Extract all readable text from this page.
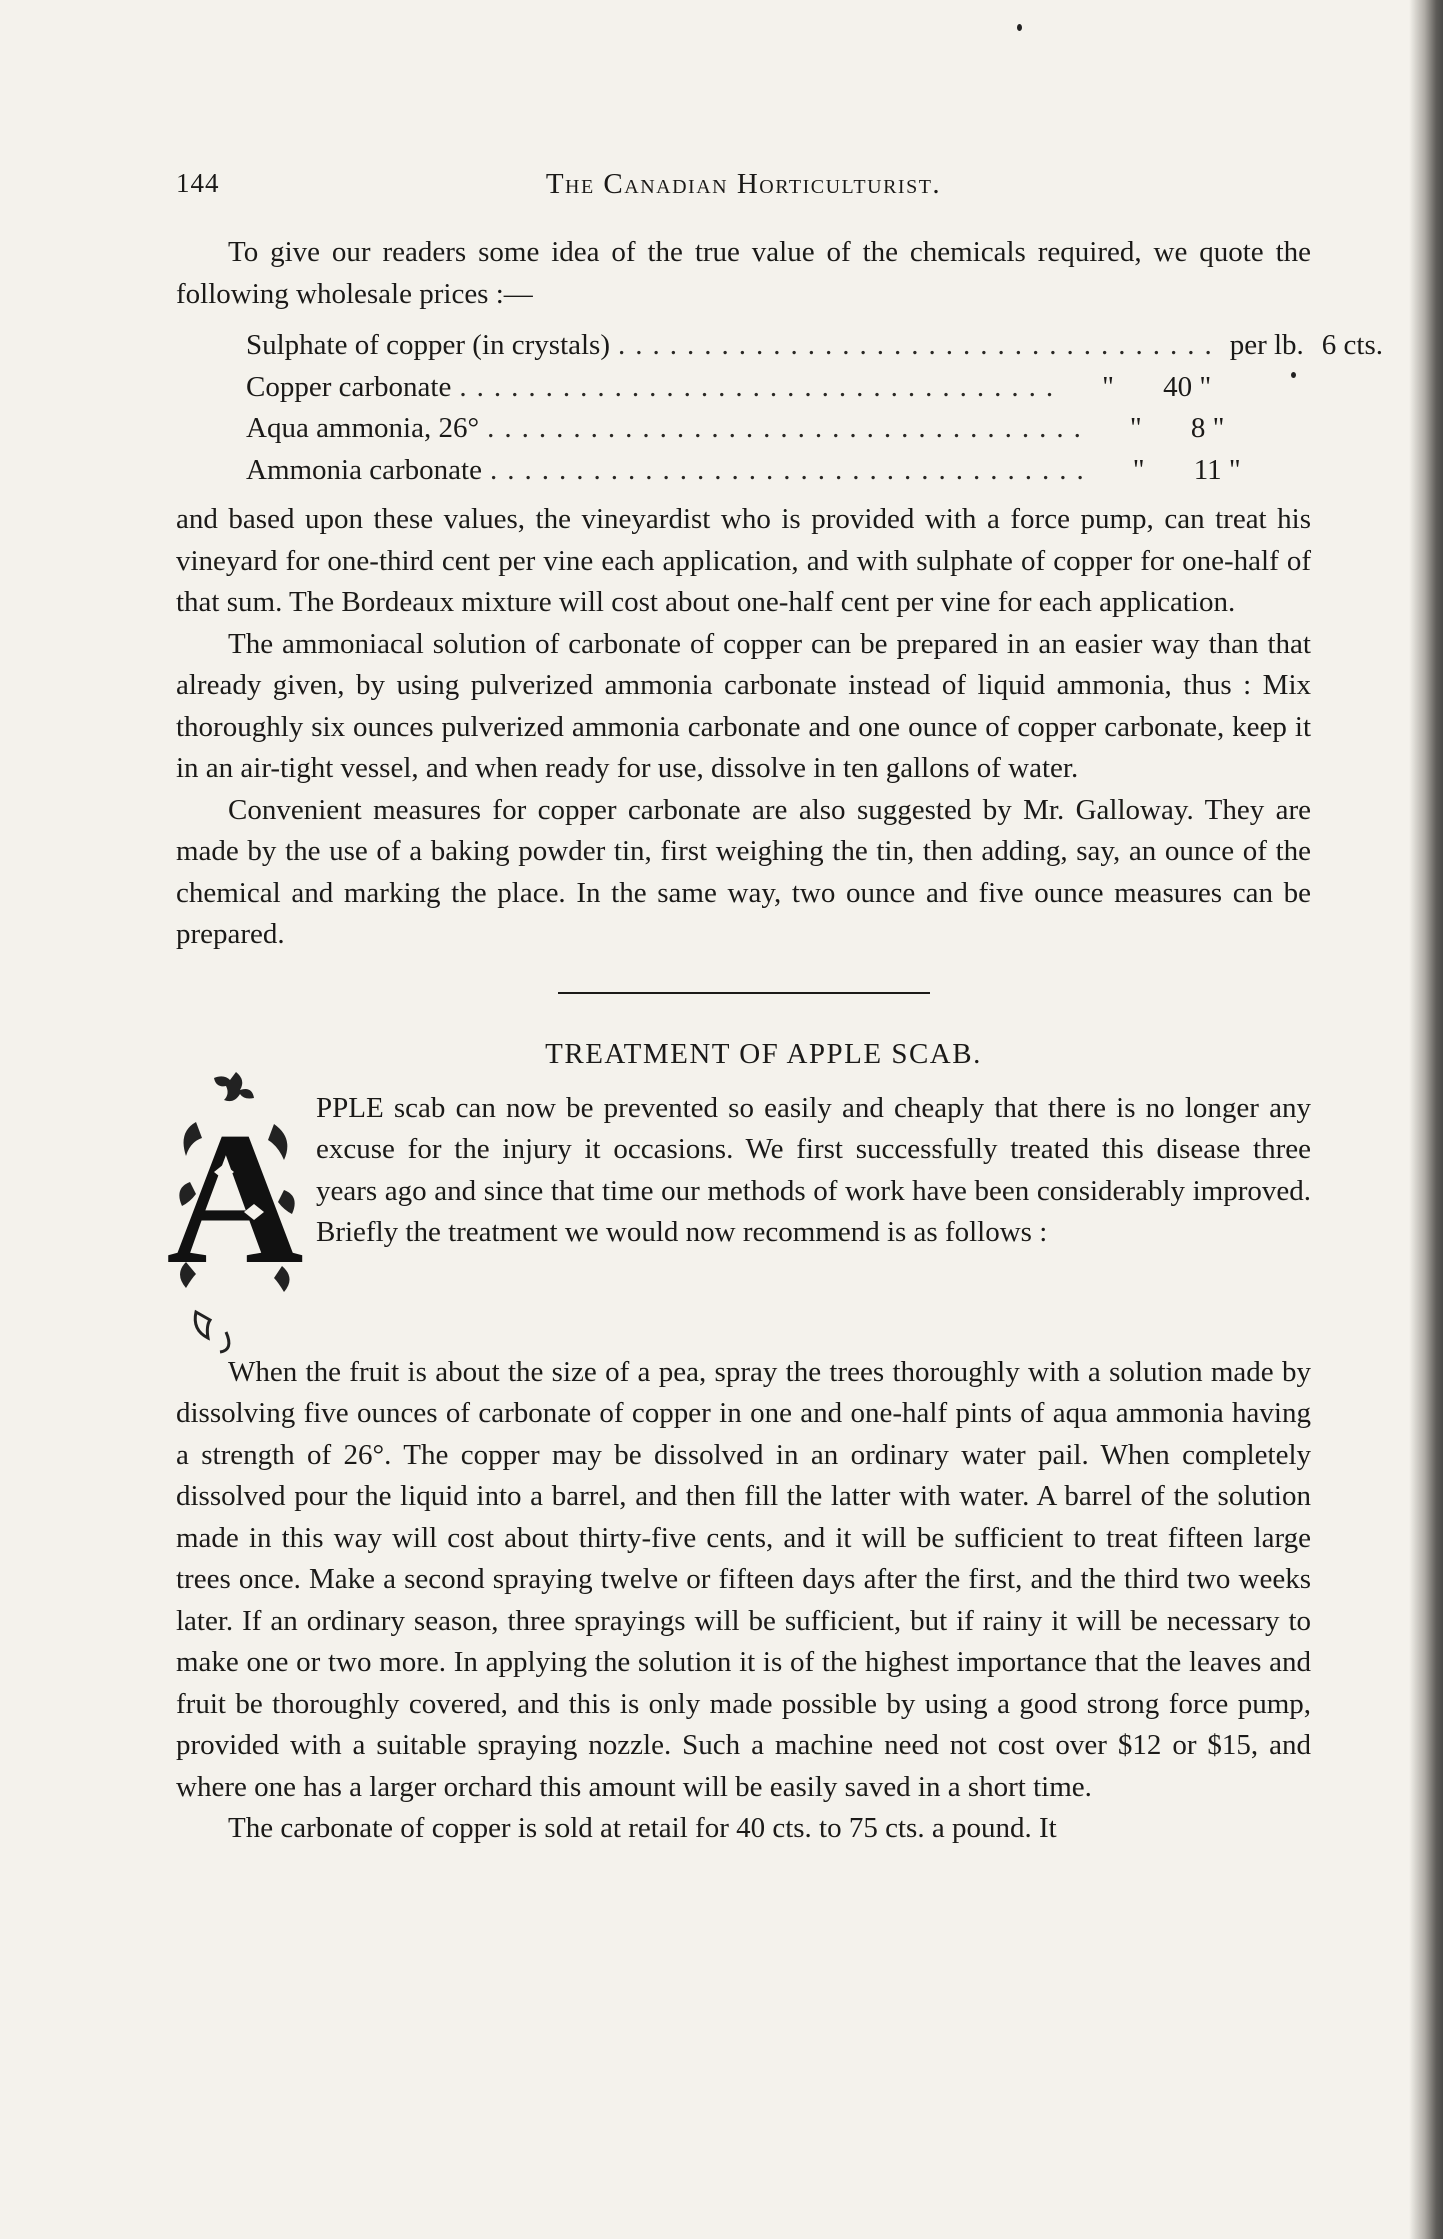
144	The Canadian Horticulturist.

To give our readers some idea of the true value of the chemicals required, we quote the following wholesale prices :—

Sulphate of copper (in crystals) ................................... per lb. 6 cts.
Copper carbonate ...................................	"	40 "
Aqua ammonia, 26° ...................................	"	8 "
Ammonia carbonate ...................................	"	11 "

and based upon these values, the vineyardist who is provided with a force pump, can treat his vineyard for one-third cent per vine each application, and with sulphate of copper for one-half of that sum. The Bordeaux mixture will cost about one-half cent per vine for each application.

The ammoniacal solution of carbonate of copper can be prepared in an easier way than that already given, by using pulverized ammonia carbonate instead of liquid ammonia, thus : Mix thoroughly six ounces pulverized ammonia carbonate and one ounce of copper carbonate, keep it in an air-tight vessel, and when ready for use, dissolve in ten gallons of water.

Convenient measures for copper carbonate are also suggested by Mr. Galloway. They are made by the use of a baking powder tin, first weighing the tin, then adding, say, an ounce of the chemical and marking the place. In the same way, two ounce and five ounce measures can be prepared.

TREATMENT OF APPLE SCAB.

A PPLE scab can now be prevented so easily and cheaply that there is no longer any excuse for the injury it occasions. We first successfully treated this disease three years ago and since that time our methods of work have been considerably improved. Briefly the treatment we would now recommend is as follows :

When the fruit is about the size of a pea, spray the trees thoroughly with a solution made by dissolving five ounces of carbonate of copper in one and one-half pints of aqua ammonia having a strength of 26°. The copper may be dissolved in an ordinary water pail. When completely dissolved pour the liquid into a barrel, and then fill the latter with water. A barrel of the solution made in this way will cost about thirty-five cents, and it will be sufficient to treat fifteen large trees once. Make a second spraying twelve or fifteen days after the first, and the third two weeks later. If an ordinary season, three sprayings will be sufficient, but if rainy it will be necessary to make one or two more. In applying the solution it is of the highest importance that the leaves and fruit be thoroughly covered, and this is only made possible by using a good strong force pump, provided with a suitable spraying nozzle. Such a machine need not cost over $12 or $15, and where one has a larger orchard this amount will be easily saved in a short time.

The carbonate of copper is sold at retail for 40 cts. to 75 cts. a pound. It
